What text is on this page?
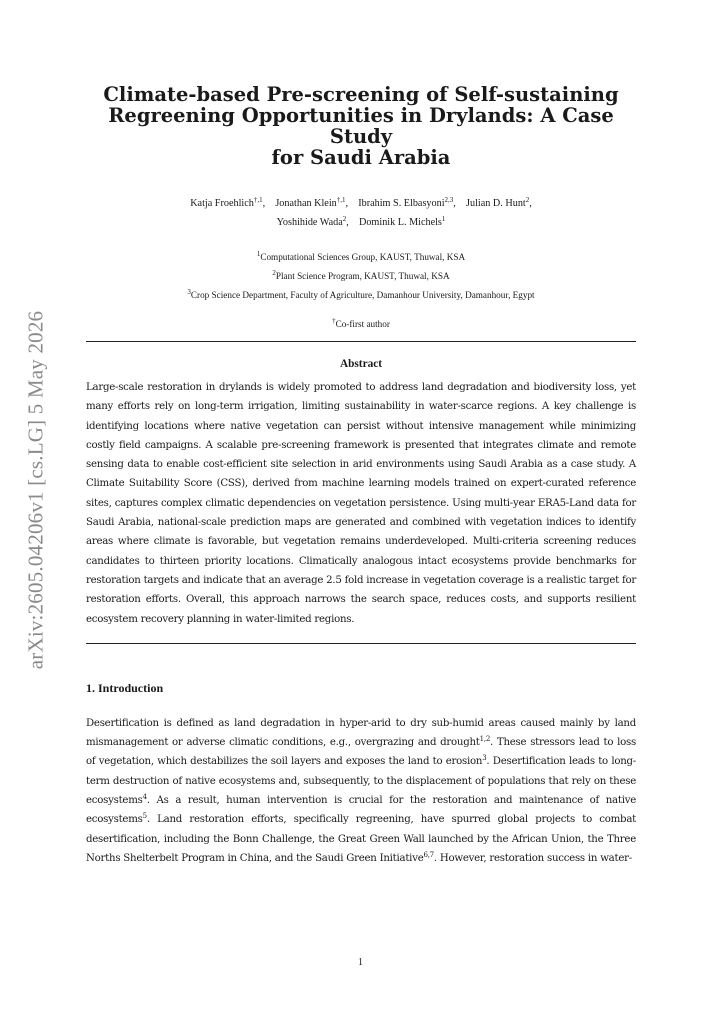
arXiv:2605.04206v1 [cs.LG] 5 May 2026
Climate-based Pre-screening of Self-sustaining
Regreening Opportunities in Drylands: A Case Study
for Saudi Arabia
Katja Froehlich$^{\dagger,1}$,    Jonathan Klein$^{\dagger,1}$,    Ibrahim S. Elbasyoni$^{2,3}$,    Julian D. Hunt$^2$,
Yoshihide Wada$^2$,    Dominik L. Michels$^1$
$^1$Computational Sciences Group, KAUST, Thuwal, KSA
$^2$Plant Science Program, KAUST, Thuwal, KSA
$^3$Crop Science Department, Faculty of Agriculture, Damanhour University, Damanhour, Egypt
†Co-first author
Abstract

Large-scale restoration in drylands is widely promoted to address land degradation and biodiversity loss, yet many efforts rely on long-term irrigation, limiting sustainability in water-scarce regions. A key challenge is identifying locations where native vegetation can persist without intensive management while minimizing costly field campaigns. A scalable pre-screening framework is presented that integrates climate and remote sensing data to enable cost-efficient site selection in arid environments using Saudi Arabia as a case study. A Climate Suitability Score (CSS), derived from machine learning models trained on expert-curated reference sites, captures complex climatic dependencies on vegetation persistence. Using multi-year ERA5-Land data for Saudi Arabia, national-scale prediction maps are generated and combined with vegetation indices to identify areas where climate is favorable, but vegetation remains underdeveloped. Multi-criteria screening reduces candidates to thirteen priority locations. Climatically analogous intact ecosystems provide benchmarks for restoration targets and indicate that an average 2.5 fold increase in vegetation coverage is a realistic target for restoration efforts. Overall, this approach narrows the search space, reduces costs, and supports resilient ecosystem recovery planning in water-limited regions.

1. Introduction

Desertification is defined as land degradation in hyper-arid to dry sub-humid areas caused mainly by land mismanagement or adverse climatic conditions, e.g., overgrazing and drought$^{1,2}$. These stressors lead to loss of vegetation, which destabilizes the soil layers and exposes the land to erosion$^3$. Desertification leads to long-term destruction of native ecosystems and, subsequently, to the displacement of populations that rely on these ecosystems$^4$. As a result, human intervention is crucial for the restoration and maintenance of native ecosystems$^5$. Land restoration efforts, specifically regreening, have spurred global projects to combat desertification, including the Bonn Challenge, the Great Green Wall launched by the African Union, the Three Norths Shelterbelt Program in China, and the Saudi Green Initiative$^{6,7}$. However, restoration success in water-

1
